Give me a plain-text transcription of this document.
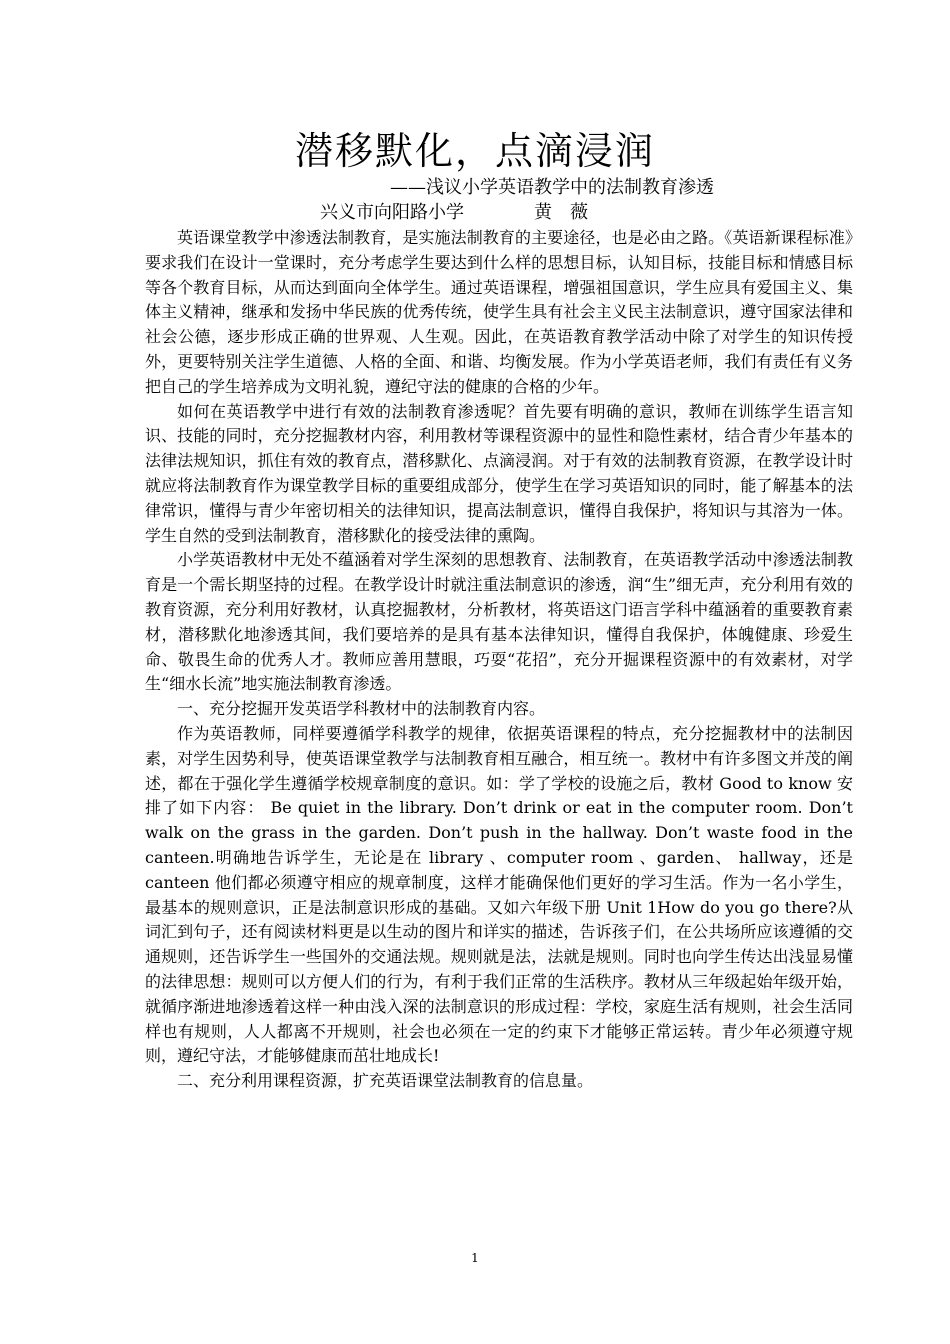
潜移默化，点滴浸润
——浅议小学英语教学中的法制教育渗透
兴义市向阳路小学	黄薇

英语课堂教学中渗透法制教育，是实施法制教育的主要途径，也是必由之路。《英语新课程标准》要求我们在设计一堂课时，充分考虑学生要达到什么样的思想目标，认知目标，技能目标和情感目标等各个教育目标，从而达到面向全体学生。通过英语课程，增强祖国意识，学生应具有爱国主义、集体主义精神，继承和发扬中华民族的优秀传统，使学生具有社会主义民主法制意识，遵守国家法律和社会公德，逐步形成正确的世界观、人生观。因此，在英语教育教学活动中除了对学生的知识传授外，更要特别关注学生道德、人格的全面、和谐、均衡发展。作为小学英语老师，我们有责任有义务把自己的学生培养成为文明礼貌，遵纪守法的健康的合格的少年。

如何在英语教学中进行有效的法制教育渗透呢？首先要有明确的意识，教师在训练学生语言知识、技能的同时，充分挖掘教材内容，利用教材等课程资源中的显性和隐性素材，结合青少年基本的法律法规知识，抓住有效的教育点，潜移默化、点滴浸润。对于有效的法制教育资源，在教学设计时就应将法制教育作为课堂教学目标的重要组成部分，使学生在学习英语知识的同时，能了解基本的法律常识，懂得与青少年密切相关的法律知识，提高法制意识，懂得自我保护，将知识与其溶为一体。学生自然的受到法制教育，潜移默化的接受法律的熏陶。

小学英语教材中无处不蕴涵着对学生深刻的思想教育、法制教育，在英语教学活动中渗透法制教育是一个需长期坚持的过程。在教学设计时就注重法制意识的渗透，润“生”细无声，充分利用有效的教育资源，充分利用好教材，认真挖掘教材，分析教材，将英语这门语言学科中蕴涵着的重要教育素材，潜移默化地渗透其间，我们要培养的是具有基本法律知识，懂得自我保护，体魄健康、珍爱生命、敬畏生命的优秀人才。教师应善用慧眼，巧耍“花招”，充分开掘课程资源中的有效素材，对学生“细水长流”地实施法制教育渗透。

一、充分挖掘开发英语学科教材中的法制教育内容。

作为英语教师，同样要遵循学科教学的规律，依据英语课程的特点，充分挖掘教材中的法制因素，对学生因势利导，使英语课堂教学与法制教育相互融合，相互统一。教材中有许多图文并茂的阐述，都在于强化学生遵循学校规章制度的意识。如：学了学校的设施之后，教材 Good to know 安排了如下内容： Be quiet in the library. Don’t drink or eat in the computer room. Don’t walk on the grass in the garden. Don’t push in the hallway. Don’t waste food in the canteen.明确地告诉学生，无论是在 library 、computer room 、garden、 hallway，还是 canteen 他们都必须遵守相应的规章制度，这样才能确保他们更好的学习生活。作为一名小学生，最基本的规则意识，正是法制意识形成的基础。又如六年级下册 Unit 1How do you go there?从词汇到句子，还有阅读材料更是以生动的图片和详实的描述，告诉孩子们，在公共场所应该遵循的交通规则，还告诉学生一些国外的交通法规。规则就是法，法就是规则。同时也向学生传达出浅显易懂的法律思想：规则可以方便人们的行为，有利于我们正常的生活秩序。教材从三年级起始年级开始，就循序渐进地渗透着这样一种由浅入深的法制意识的形成过程：学校，家庭生活有规则，社会生活同样也有规则，人人都离不开规则，社会也必须在一定的约束下才能够正常运转。青少年必须遵守规则，遵纪守法，才能够健康而茁壮地成长!

二、充分利用课程资源，扩充英语课堂法制教育的信息量。

1
